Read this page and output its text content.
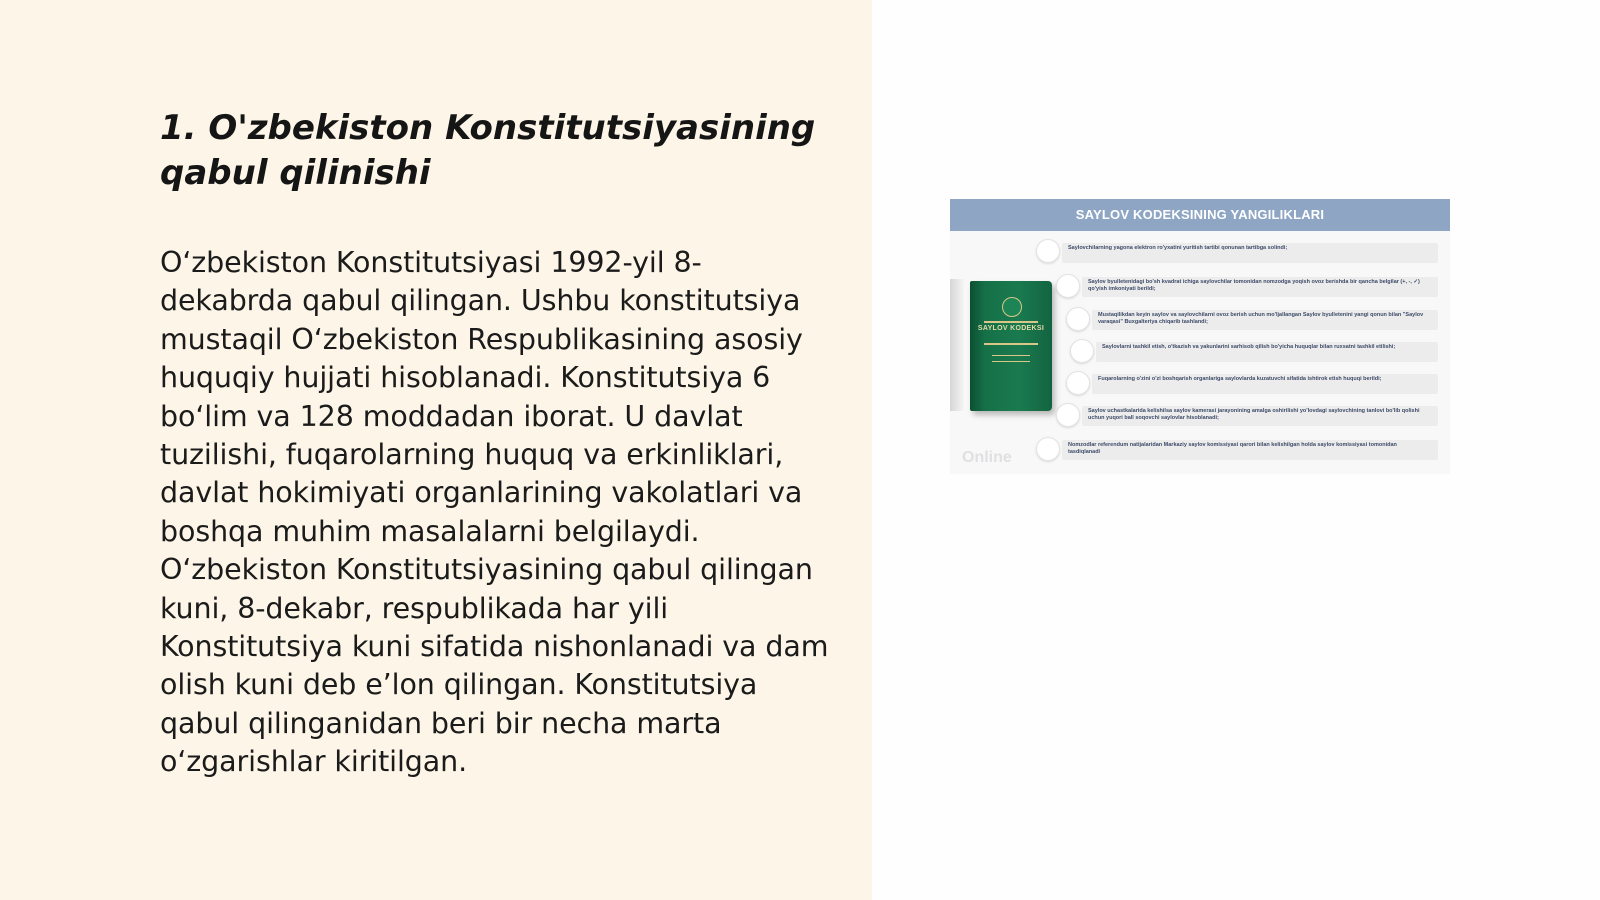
1. O'zbekiston Konstitutsiyasining qabul qilinishi

O‘zbekiston Konstitutsiyasi 1992-yil 8-dekabrda qabul qilingan. Ushbu konstitutsiya mustaqil O‘zbekiston Respublikasining asosiy huquqiy hujjati hisoblanadi. Konstitutsiya 6 bo‘lim va 128 moddadan iborat. U davlat tuzilishi, fuqarolarning huquq va erkinliklari, davlat hokimiyati organlarining vakolatlari va boshqa muhim masalalarni belgilaydi. O‘zbekiston Konstitutsiyasining qabul qilingan kuni, 8-dekabr, respublikada har yili Konstitutsiya kuni sifatida nishonlanadi va dam olish kuni deb e’lon qilingan. Konstitutsiya qabul qilinganidan beri bir necha marta o‘zgarishlar kiritilgan.

SAYLOV KODEKSINING YANGILIKLARI
Online
SAYLOV KODEKSI
Saylovchilarning yagona elektron ro'yxatini yuritish tartibi qonunan tartibga solindi;
Saylov byulletenidagi bo'sh kvadrat ichiga saylovchilar tomonidan nomzodga yoqish ovoz berishda bir qancha belgilar (+, -, ✓) qo'yish imkoniyati berildi;
Mustaqilikdan keyin saylov va saylovchilarni ovoz berish uchun mo'ljallangan Saylov byulletenini yangi qonun bilan "Saylov varaqasi" Buxgalteriya chiqarib tashlandi;
Saylovlarni tashkil etish, o'tkazish va yakunlarini sarhisob qilish bo'yicha huquqlar bilan ruxsatni tashkil etilishi;
Fuqarolarning o'zini o'zi boshqarish organlariga saylovlarda kuzatuvchi sifatida ishtirok etish huquqi berildi;
Saylov uchastkalarida kelishilsa saylov kamerasi jarayonining amalga oshirilishi yo'lovdagi saylovchining tanlovi bo'lib qolishi uchun yuqori ball soqovchi saylovlar hisoblanadi;
Nomzodlar referendum natijalaridan Markaziy saylov komissiyasi qarori bilan kelishilgan holda saylov komissiyasi tomonidan tasdiqlanadi
